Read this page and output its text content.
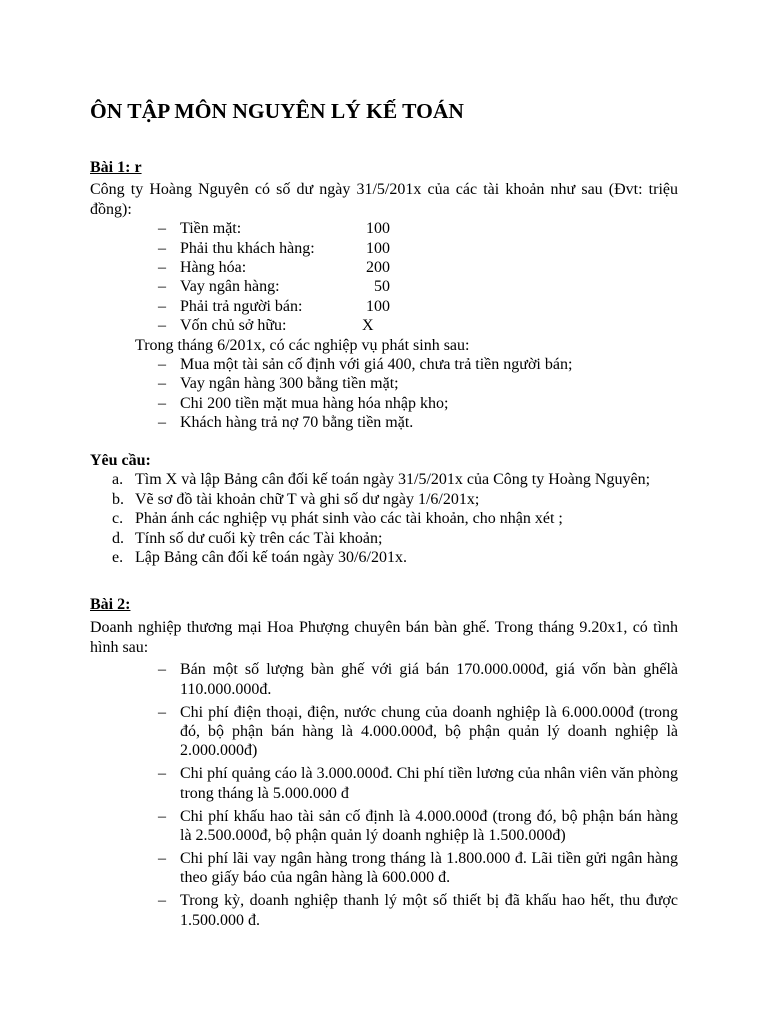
ÔN TẬP MÔN NGUYÊN LÝ KẾ TOÁN
Bài 1: r

Công ty Hoàng Nguyên có số dư ngày 31/5/201x của các tài khoản như sau (Đvt: triệu đồng):

– Tiền mặt:	100
– Phải thu khách hàng:	100
– Hàng hóa:	200
– Vay ngân hàng:	50
– Phải trả người bán:	100
– Vốn chủ sở hữu:	X
Trong tháng 6/201x, có các nghiệp vụ phát sinh sau:
– Mua một tài sản cố định với giá 400, chưa trả tiền người bán;
– Vay ngân hàng 300 bằng tiền mặt;
– Chi 200 tiền mặt mua hàng hóa nhập kho;
– Khách hàng trả nợ 70 bằng tiền mặt.
Yêu cầu:
a. Tìm X và lập Bảng cân đối kế toán ngày 31/5/201x của Công ty Hoàng Nguyên;
b. Vẽ sơ đồ tài khoản chữ T và ghi số dư ngày 1/6/201x;
c. Phản ánh các nghiệp vụ phát sinh vào các tài khoản, cho nhận xét ;
d. Tính số dư cuối kỳ trên các Tài khoản;
e. Lập Bảng cân đối kế toán ngày 30/6/201x.
Bài 2:

Doanh nghiệp thương mại Hoa Phượng chuyên bán bàn ghế. Trong tháng 9.20x1, có tình hình sau:

– Bán một số lượng bàn ghế với giá bán 170.000.000đ, giá vốn bàn ghếlà 110.000.000đ.
– Chi phí điện thoại, điện, nước chung của doanh nghiệp là 6.000.000đ (trong đó, bộ phận bán hàng là 4.000.000đ, bộ phận quản lý doanh nghiệp là 2.000.000đ)
– Chi phí quảng cáo là 3.000.000đ. Chi phí tiền lương của nhân viên văn phòng trong tháng là 5.000.000 đ
– Chi phí khấu hao tài sản cố định là 4.000.000đ (trong đó, bộ phận bán hàng là 2.500.000đ, bộ phận quản lý doanh nghiệp là 1.500.000đ)
– Chi phí lãi vay ngân hàng trong tháng là 1.800.000 đ. Lãi tiền gửi ngân hàng theo giấy báo của ngân hàng là 600.000 đ.
– Trong kỳ, doanh nghiệp thanh lý một số thiết bị đã khấu hao hết, thu được 1.500.000 đ.
